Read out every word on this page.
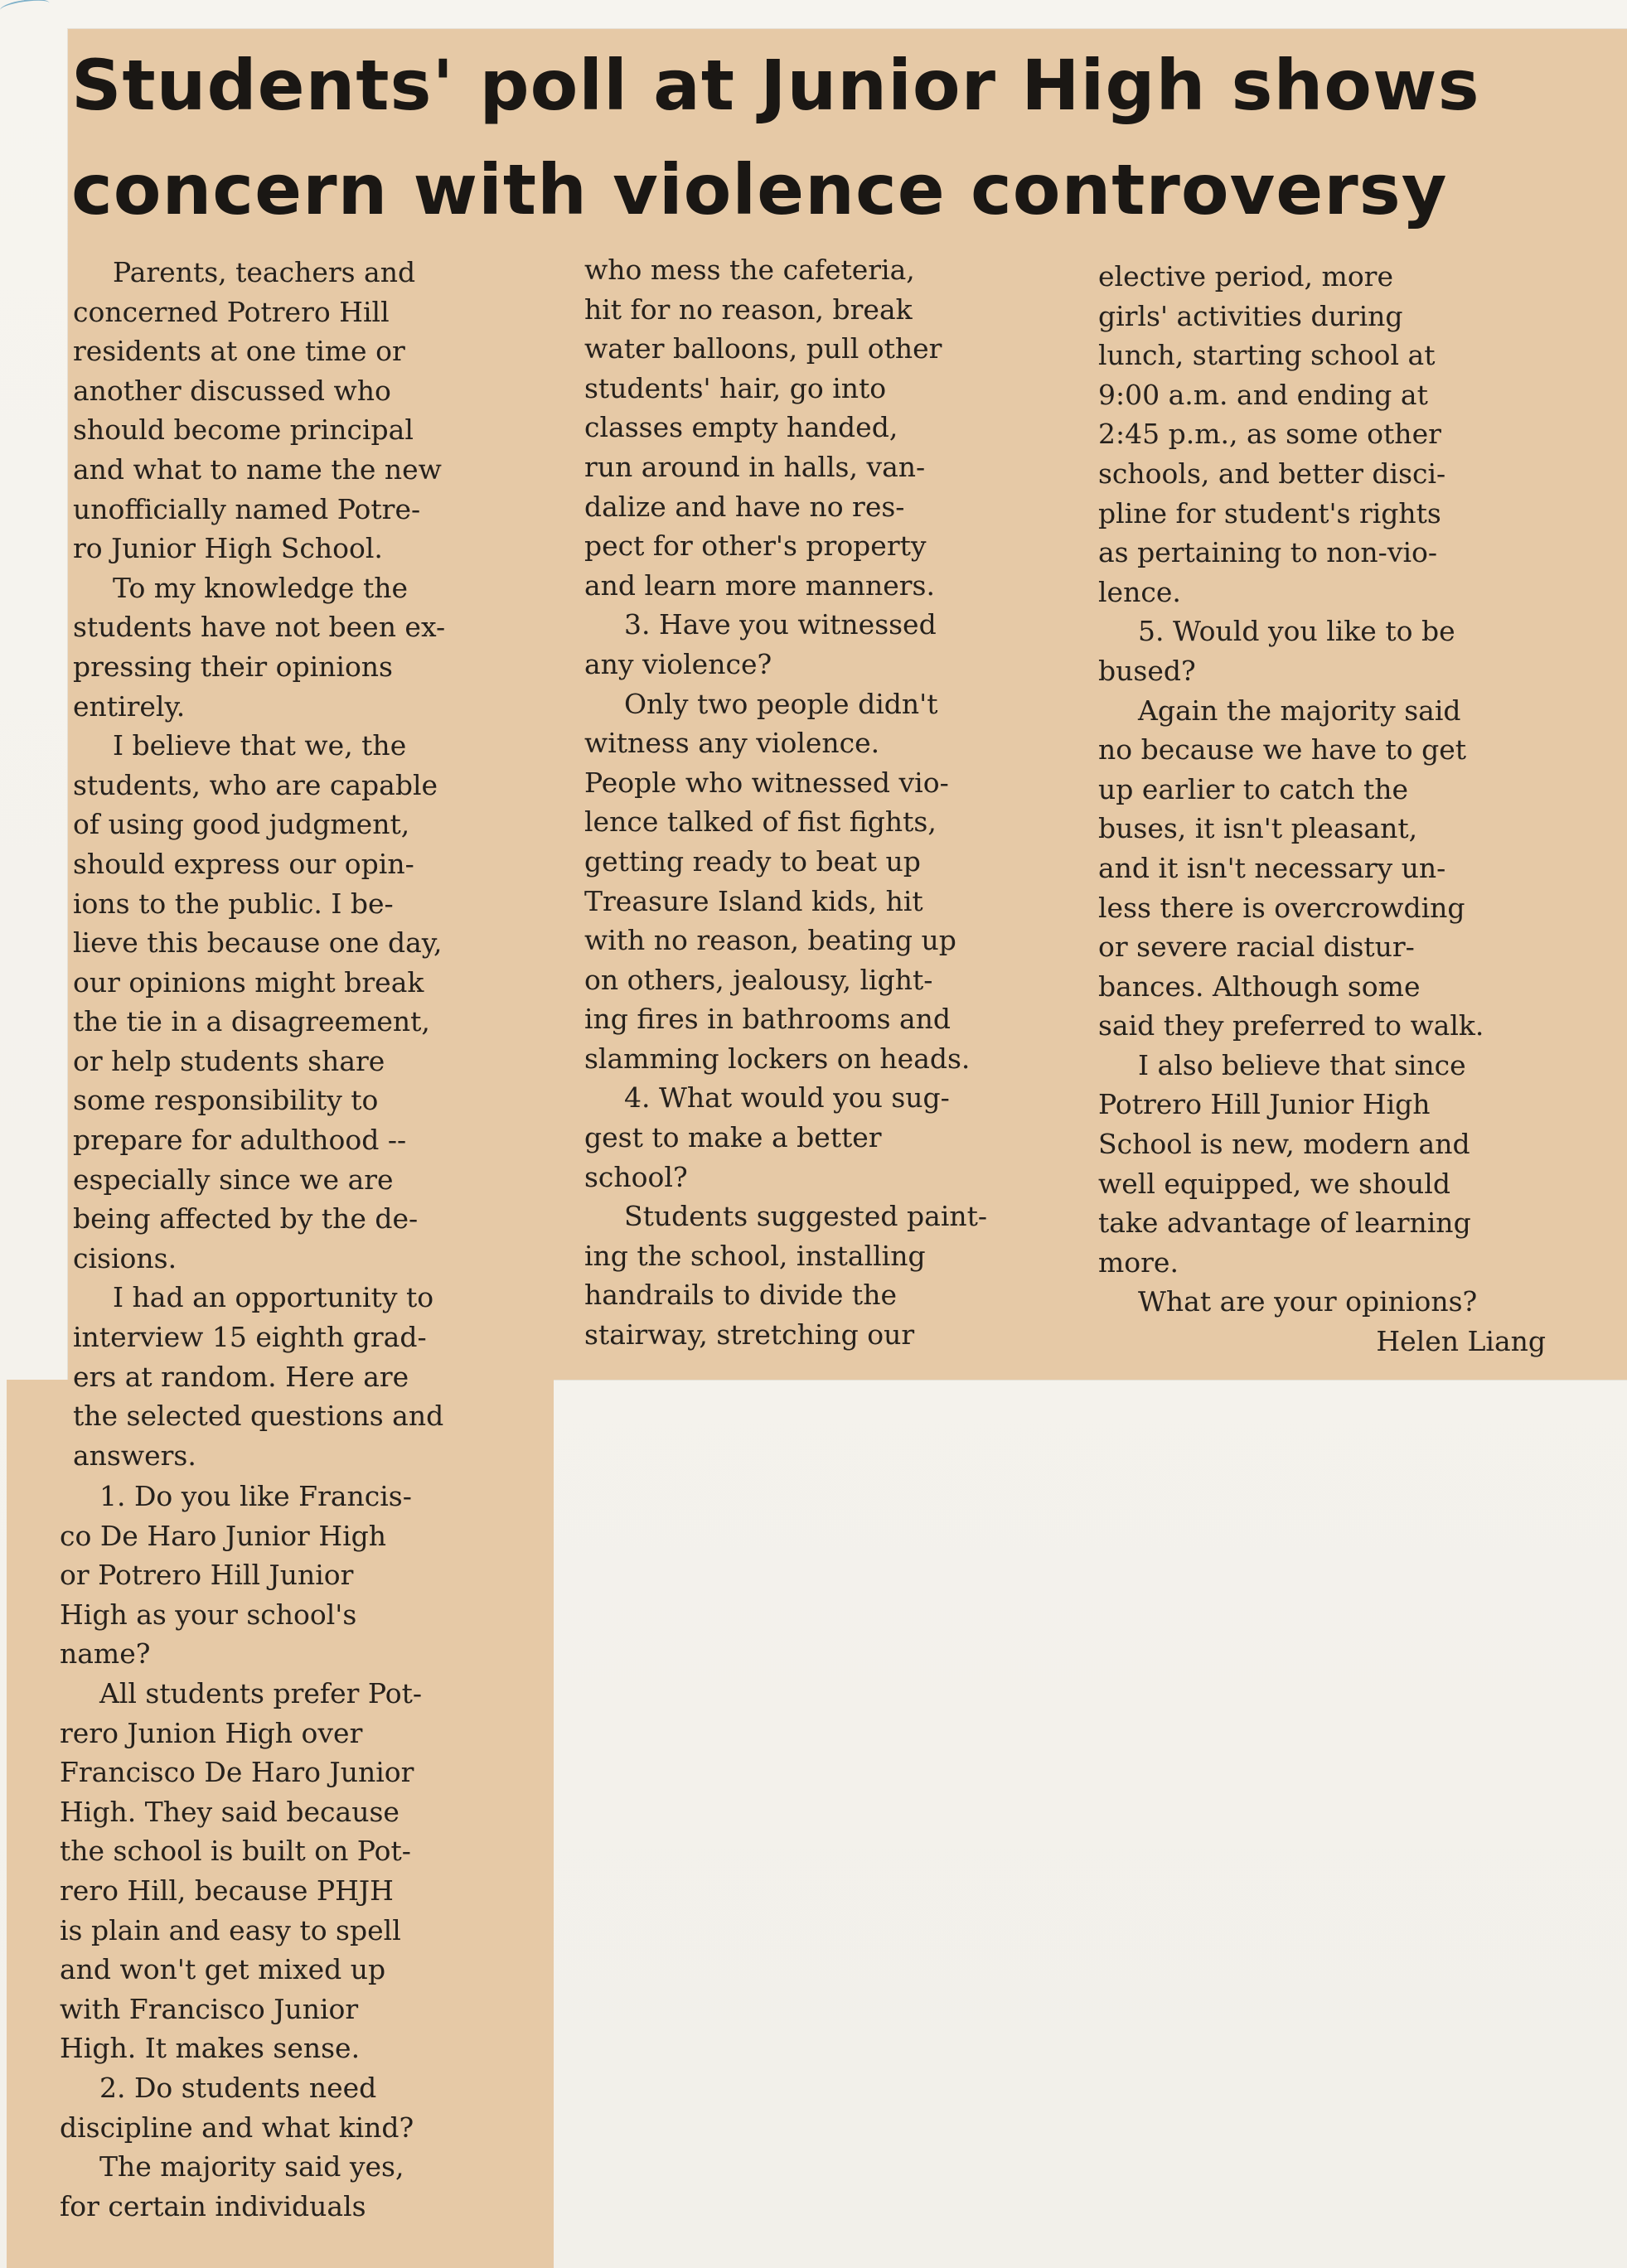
Students' poll at Junior High shows concern with violence controversy

Parents, teachers and

concerned Potrero Hill

residents at one time or

another discussed who

should become principal

and what to name the new

unofficially named Potre-

ro Junior High School.

To my knowledge the

students have not been ex-

pressing their opinions

entirely.

I believe that we, the

students, who are capable

of using good judgment,

should express our opin-

ions to the public. I be-

lieve this because one day,

our opinions might break

the tie in a disagreement,

or help students share

some responsibility to

prepare for adulthood --

especially since we are

being affected by the de-

cisions.

I had an opportunity to

interview 15 eighth grad-

ers at random. Here are

the selected questions and

answers.

1. Do you like Francis-

co De Haro Junior High

or Potrero Hill Junior

High as your school's

name?

All students prefer Pot-

rero Junion High over

Francisco De Haro Junior

High. They said because

the school is built on Pot-

rero Hill, because PHJH

is plain and easy to spell

and won't get mixed up

with Francisco Junior

High. It makes sense.

2. Do students need

discipline and what kind?

The majority said yes,

for certain individuals

who mess the cafeteria,

hit for no reason, break

water balloons, pull other

students' hair, go into

classes empty handed,

run around in halls, van-

dalize and have no res-

pect for other's property

and learn more manners.

3. Have you witnessed

any violence?

Only two people didn't

witness any violence.

People who witnessed vio-

lence talked of fist fights,

getting ready to beat up

Treasure Island kids, hit

with no reason, beating up

on others, jealousy, light-

ing fires in bathrooms and

slamming lockers on heads.

4. What would you sug-

gest to make a better

school?

Students suggested paint-

ing the school, installing

handrails to divide the

stairway, stretching our

elective period, more

girls' activities during

lunch, starting school at

9:00 a.m. and ending at

2:45 p.m., as some other

schools, and better disci-

pline for student's rights

as pertaining to non-vio-

lence.

5. Would you like to be

bused?

Again the majority said

no because we have to get

up earlier to catch the

buses, it isn't pleasant,

and it isn't necessary un-

less there is overcrowding

or severe racial distur-

bances. Although some

said they preferred to walk.

I also believe that since

Potrero Hill Junior High

School is new, modern and

well equipped, we should

take advantage of learning

more.

What are your opinions?

Helen Liang
